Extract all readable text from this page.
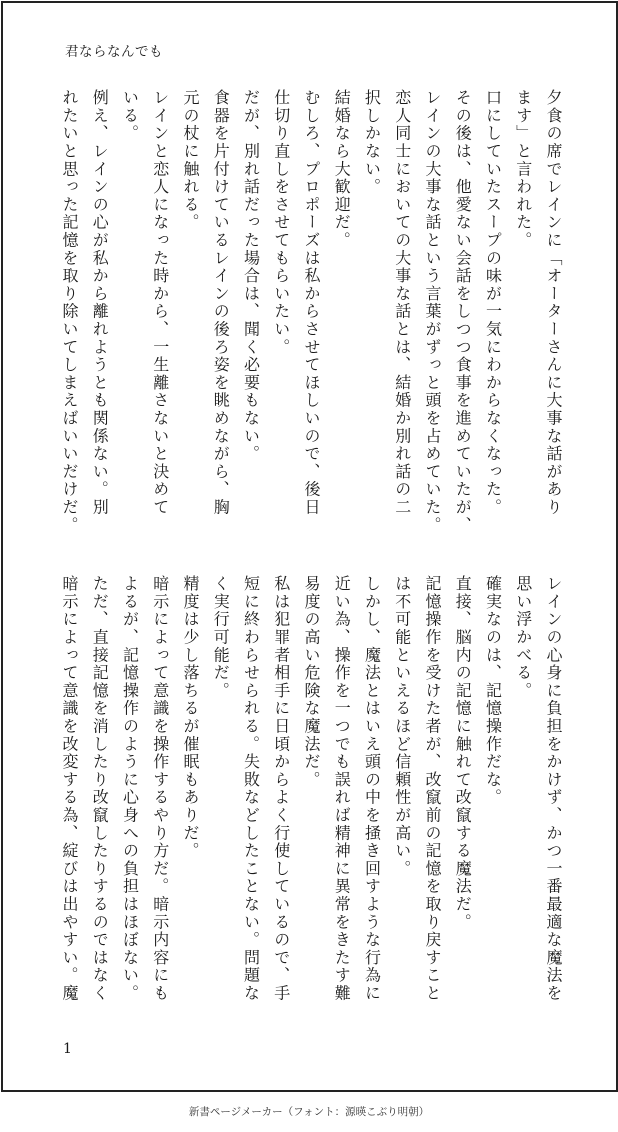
君ならなんでも
夕食の席でレインに「オーターさんに大事な話があり
ます」と言われた。
口にしていたスープの味が一気にわからなくなった。
その後は、他愛ない会話をしつつ食事を進めていたが、
レインの大事な話という言葉がずっと頭を占めていた。
恋人同士においての大事な話とは、結婚か別れ話の二
択しかない。
結婚なら大歓迎だ。
むしろ、プロポーズは私からさせてほしいので、後日
仕切り直しをさせてもらいたい。
だが、別れ話だった場合は、聞く必要もない。
食器を片付けているレインの後ろ姿を眺めながら、胸
元の杖に触れる。
レインと恋人になった時から、一生離さないと決めて
いる。
例え、レインの心が私から離れようとも関係ない。別
れたいと思った記憶を取り除いてしまえばいいだけだ。
レインの心身に負担をかけず、かつ一番最適な魔法を
思い浮かべる。
確実なのは、記憶操作だな。
直接、脳内の記憶に触れて改竄する魔法だ。
記憶操作を受けた者が、改竄前の記憶を取り戻すこと
は不可能といえるほど信頼性が高い。
しかし、魔法とはいえ頭の中を掻き回すような行為に
近い為、操作を一つでも誤れば精神に異常をきたす難
易度の高い危険な魔法だ。
私は犯罪者相手に日頃からよく行使しているので、手
短に終わらせられる。失敗などしたことない。問題な
く実行可能だ。
精度は少し落ちるが催眠もありだ。
暗示によって意識を操作するやり方だ。暗示内容にも
よるが、記憶操作のように心身への負担はほぼない。
ただ、直接記憶を消したり改竄したりするのではなく
暗示によって意識を改変する為、綻びは出やすい。魔
1
新書ページメーカー（フォント：源暎こぶり明朝）
